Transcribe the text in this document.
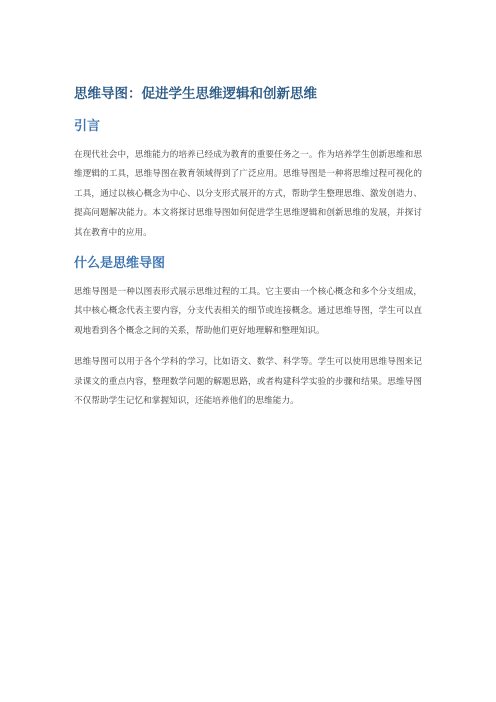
思维导图：促进学生思维逻辑和创新思维
引言

在现代社会中，思维能力的培养已经成为教育的重要任务之一。作为培养学生创新思维和思维逻辑的工具，思维导图在教育领域得到了广泛应用。思维导图是一种将思维过程可视化的工具，通过以核心概念为中心、以分支形式展开的方式，帮助学生整理思维、激发创造力、提高问题解决能力。本文将探讨思维导图如何促进学生思维逻辑和创新思维的发展，并探讨其在教育中的应用。

什么是思维导图

思维导图是一种以图表形式展示思维过程的工具。它主要由一个核心概念和多个分支组成，其中核心概念代表主要内容，分支代表相关的细节或连接概念。通过思维导图，学生可以直观地看到各个概念之间的关系，帮助他们更好地理解和整理知识。

思维导图可以用于各个学科的学习，比如语文、数学、科学等。学生可以使用思维导图来记录课文的重点内容，整理数学问题的解题思路，或者构建科学实验的步骤和结果。思维导图不仅帮助学生记忆和掌握知识，还能培养他们的思维能力。
